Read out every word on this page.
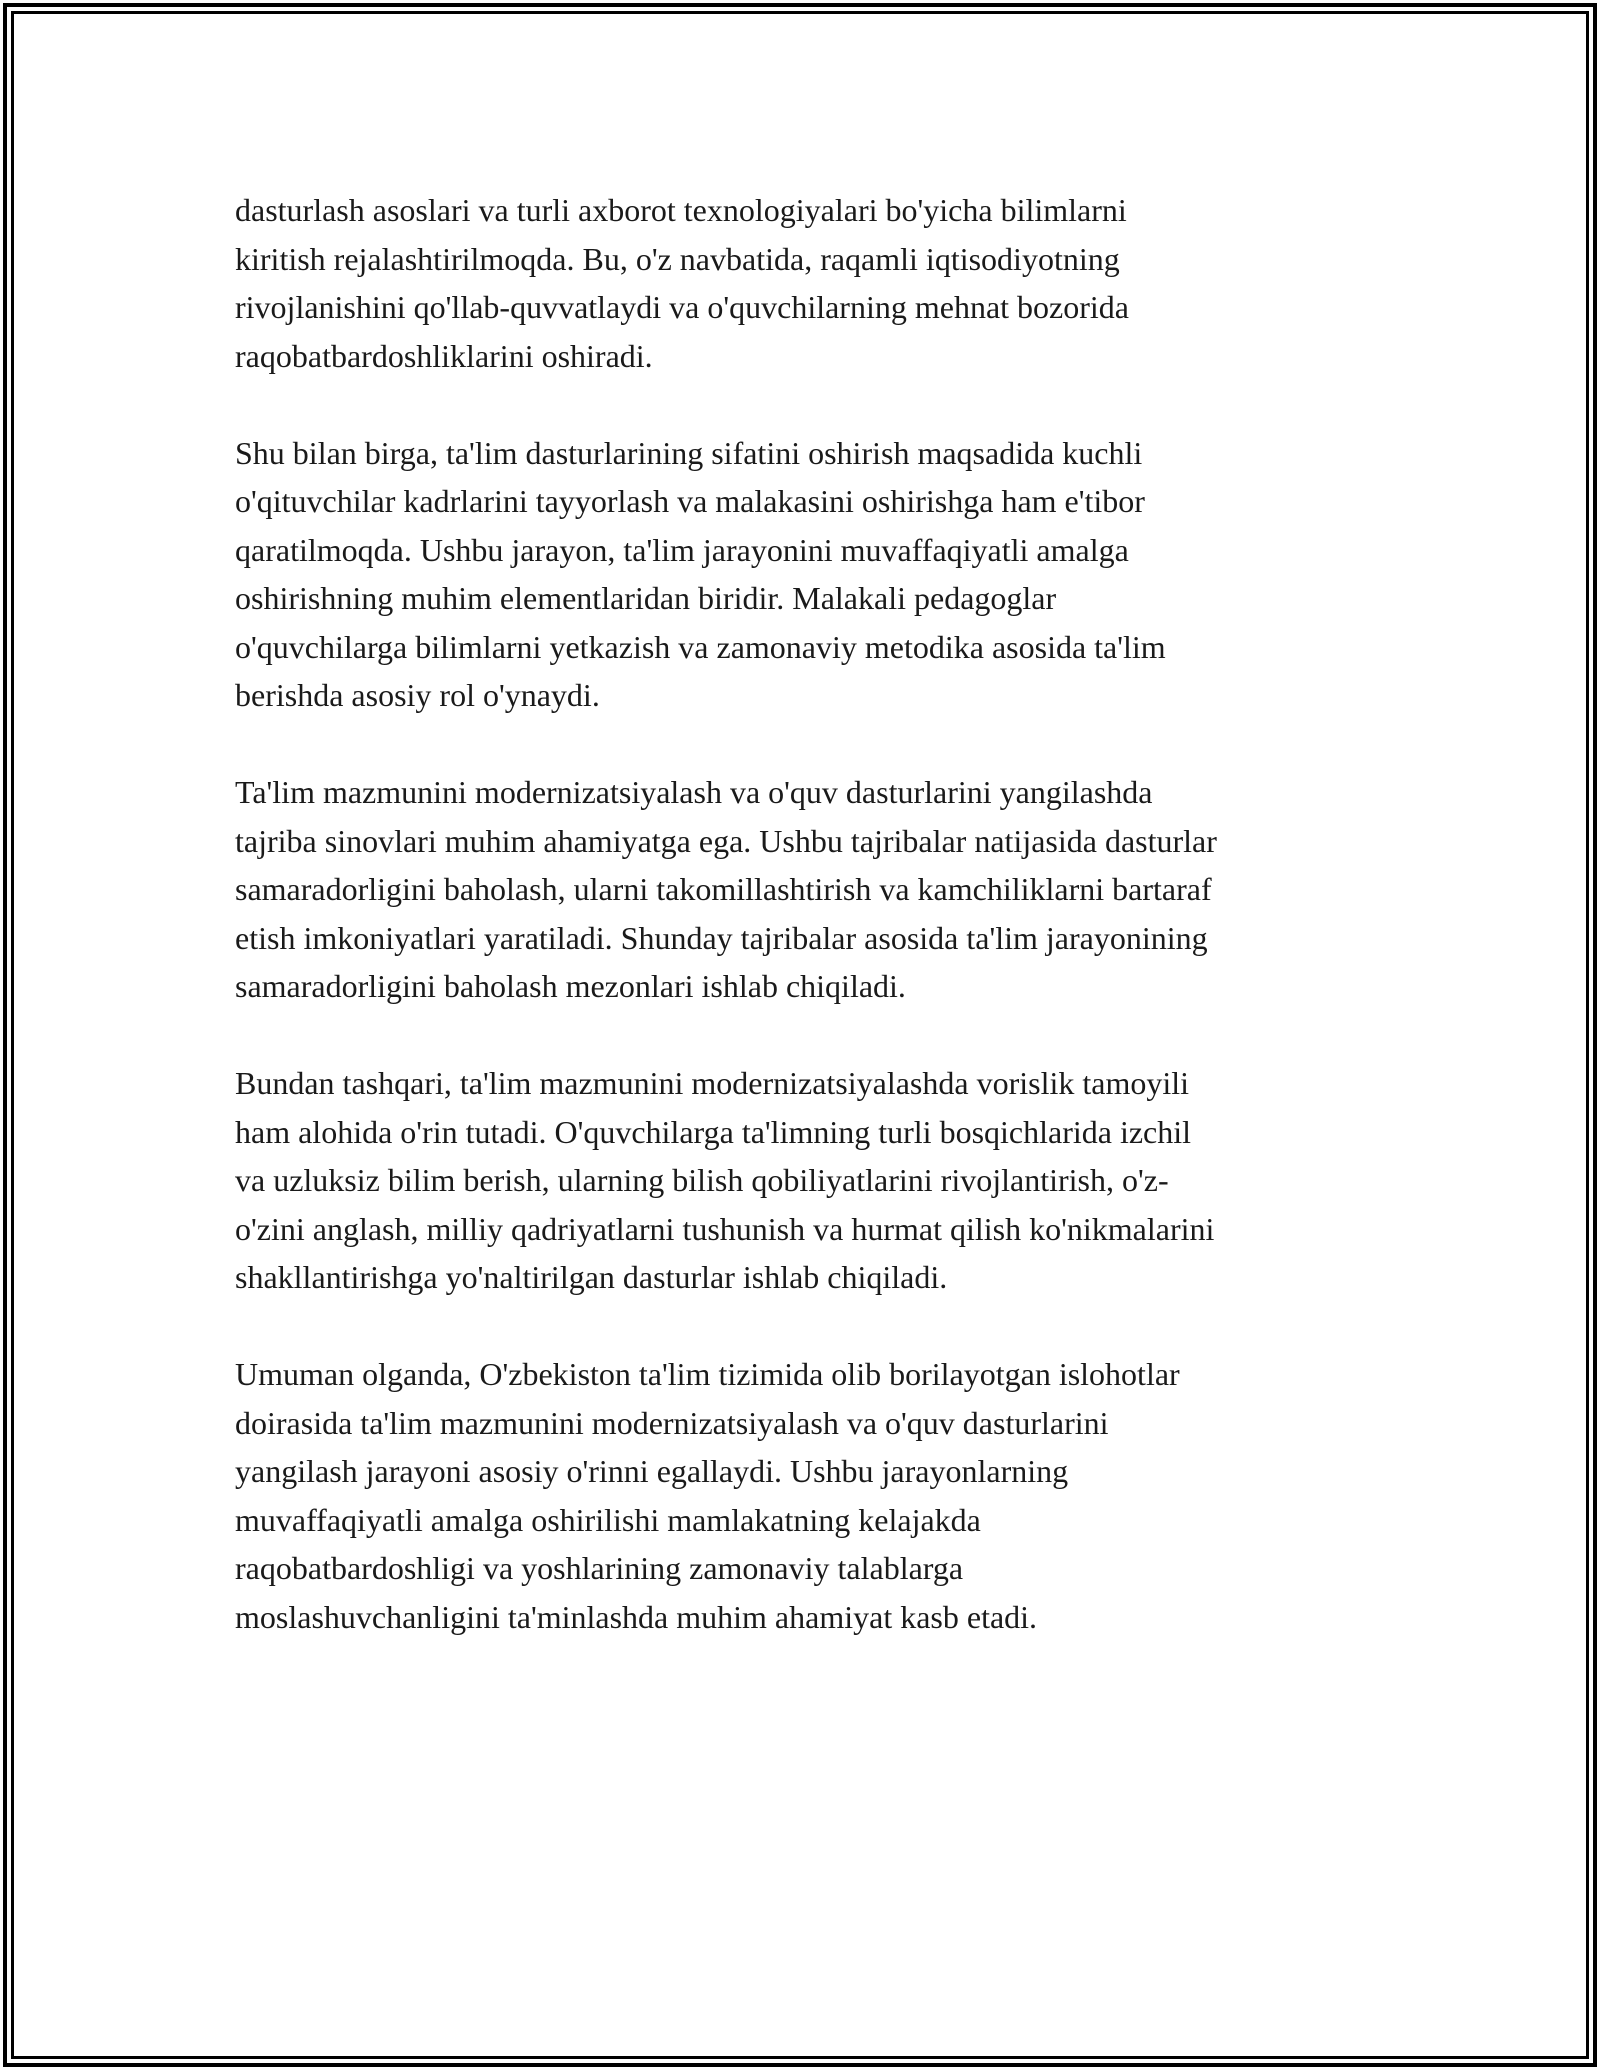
dasturlash asoslari va turli axborot texnologiyalari bo'yicha bilimlarni
kiritish rejalashtirilmoqda. Bu, o'z navbatida, raqamli iqtisodiyotning
rivojlanishini qo'llab-quvvatlaydi va o'quvchilarning mehnat bozorida
raqobatbardoshliklarini oshiradi.

Shu bilan birga, ta'lim dasturlarining sifatini oshirish maqsadida kuchli
o'qituvchilar kadrlarini tayyorlash va malakasini oshirishga ham e'tibor
qaratilmoqda. Ushbu jarayon, ta'lim jarayonini muvaffaqiyatli amalga
oshirishning muhim elementlaridan biridir. Malakali pedagoglar
o'quvchilarga bilimlarni yetkazish va zamonaviy metodika asosida ta'lim
berishda asosiy rol o'ynaydi.

Ta'lim mazmunini modernizatsiyalash va o'quv dasturlarini yangilashda
tajriba sinovlari muhim ahamiyatga ega. Ushbu tajribalar natijasida dasturlar
samaradorligini baholash, ularni takomillashtirish va kamchiliklarni bartaraf
etish imkoniyatlari yaratiladi. Shunday tajribalar asosida ta'lim jarayonining
samaradorligini baholash mezonlari ishlab chiqiladi.

Bundan tashqari, ta'lim mazmunini modernizatsiyalashda vorislik tamoyili
ham alohida o'rin tutadi. O'quvchilarga ta'limning turli bosqichlarida izchil
va uzluksiz bilim berish, ularning bilish qobiliyatlarini rivojlantirish, o'z-
o'zini anglash, milliy qadriyatlarni tushunish va hurmat qilish ko'nikmalarini
shakllantirishga yo'naltirilgan dasturlar ishlab chiqiladi.

Umuman olganda, O'zbekiston ta'lim tizimida olib borilayotgan islohotlar
doirasida ta'lim mazmunini modernizatsiyalash va o'quv dasturlarini
yangilash jarayoni asosiy o'rinni egallaydi. Ushbu jarayonlarning
muvaffaqiyatli amalga oshirilishi mamlakatning kelajakda
raqobatbardoshligi va yoshlarining zamonaviy talablarga
moslashuvchanligini ta'minlashda muhim ahamiyat kasb etadi.
